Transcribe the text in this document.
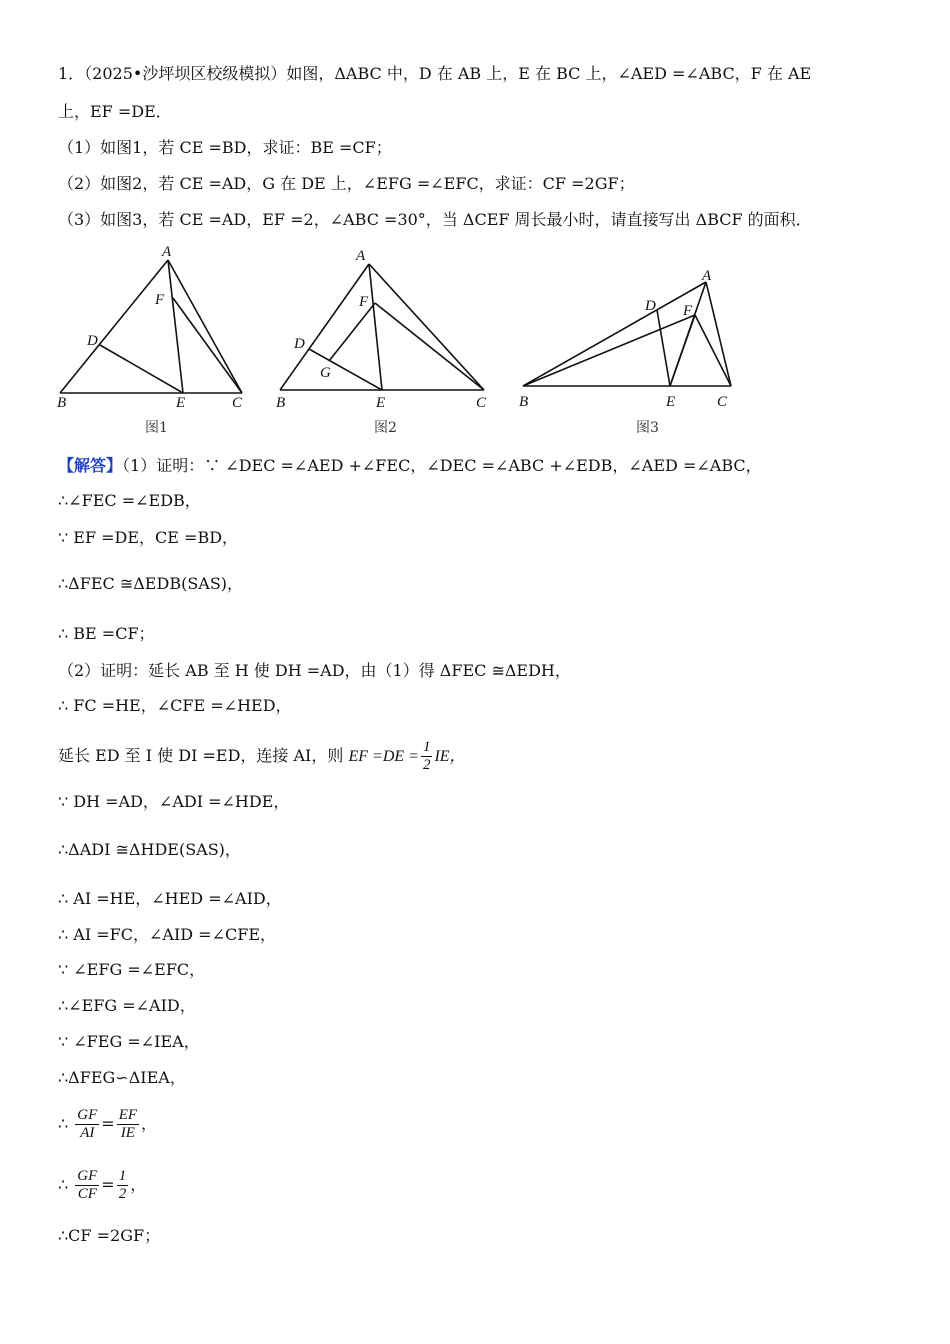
1．（2025•沙坪坝区校级模拟）如图，ΔABC 中，D 在 AB 上，E 在 BC 上，∠AED =∠ABC，F 在 AE
上，EF =DE．
（1）如图1，若 CE =BD，求证：BE =CF；
（2）如图2，若 CE =AD，G 在 DE 上，∠EFG =∠EFC，求证：CF =2GF；
（3）如图3，若 CE =AD，EF =2，∠ABC =30°，当 ΔCEF 周长最小时，请直接写出 ΔBCF 的面积．
A
F
D
B	E	C
图1
A
F
D
G
B	E	C
图2
A
D F
B	E	C
图3
【解答】（1）证明：∵ ∠DEC =∠AED +∠FEC，∠DEC =∠ABC +∠EDB，∠AED =∠ABC，
∴∠FEC =∠EDB，
∵ EF =DE，CE =BD，
∴ΔFEC ≅ΔEDB(SAS)，
∴ BE =CF；
（2）证明：延长 AB 至 H 使 DH =AD，由（1）得 ΔFEC ≅ΔEDH，
∴ FC =HE，∠CFE =∠HED，
延长 ED 至 I 使 DI =ED，连接 AI，则 EF $=DE = \frac{1}{2}$ IE，
∵ DH =AD，∠ADI =∠HDE，
∴ΔADI ≅ΔHDE(SAS)，
∴ AI =HE，∠HED =∠AID，
∴ AI =FC，∠AID =∠CFE，
∵ ∠EFG =∠EFC，
∴∠EFG =∠AID，
∵ ∠FEG =∠IEA，
∴ΔFEG∽ΔIEA，
∴ $\frac{GF}{AI} = \frac{EF}{IE}$ ，
∴ $\frac{GF}{CF} = \frac{1}{2}$ ，
∴CF =2GF；
